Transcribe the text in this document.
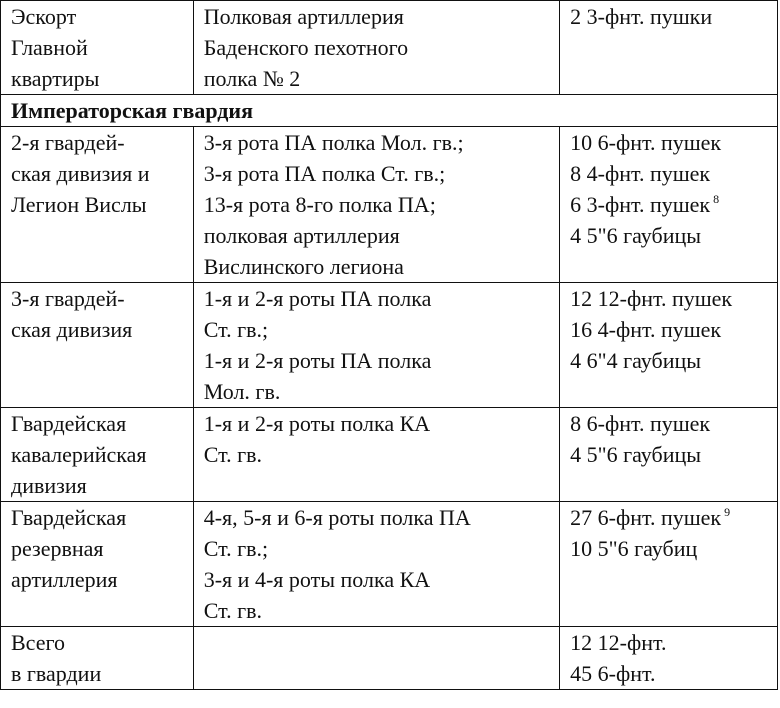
Эскорт
Главной
квартиры	Полковая артиллерия
Баденского пехотного
полка № 2	2 3-фнт. пушки

Императорская гвардия		

2-я гвардей-
ская дивизия и
Легион Вислы	3-я рота ПА полка Мол. гв.;
3-я рота ПА полка Ст. гв.;
13-я рота 8-го полка ПА;
полковая артиллерия
Вислинского легиона	10 6-фнт. пушек
8 4-фнт. пушек
6 3-фнт. пушек $^8$
4 5"6 гаубицы

3-я гвардей-
ская дивизия	1-я и 2-я роты ПА полка
Ст. гв.;
1-я и 2-я роты ПА полка
Мол. гв.	12 12-фнт. пушек
16 4-фнт. пушек
4 6"4 гаубицы

Гвардейская
кавалерийская
дивизия	1-я и 2-я роты полка КА
Ст. гв.	8 6-фнт. пушек
4 5"6 гаубицы

Гвардейская
резервная
артиллерия	4-я, 5-я и 6-я роты полка ПА
Ст. гв.;
3-я и 4-я роты полка КА
Ст. гв.	27 6-фнт. пушек $^9$
10 5"6 гаубиц

Всего
в гвардии		12 12-фнт.
45 6-фнт.
